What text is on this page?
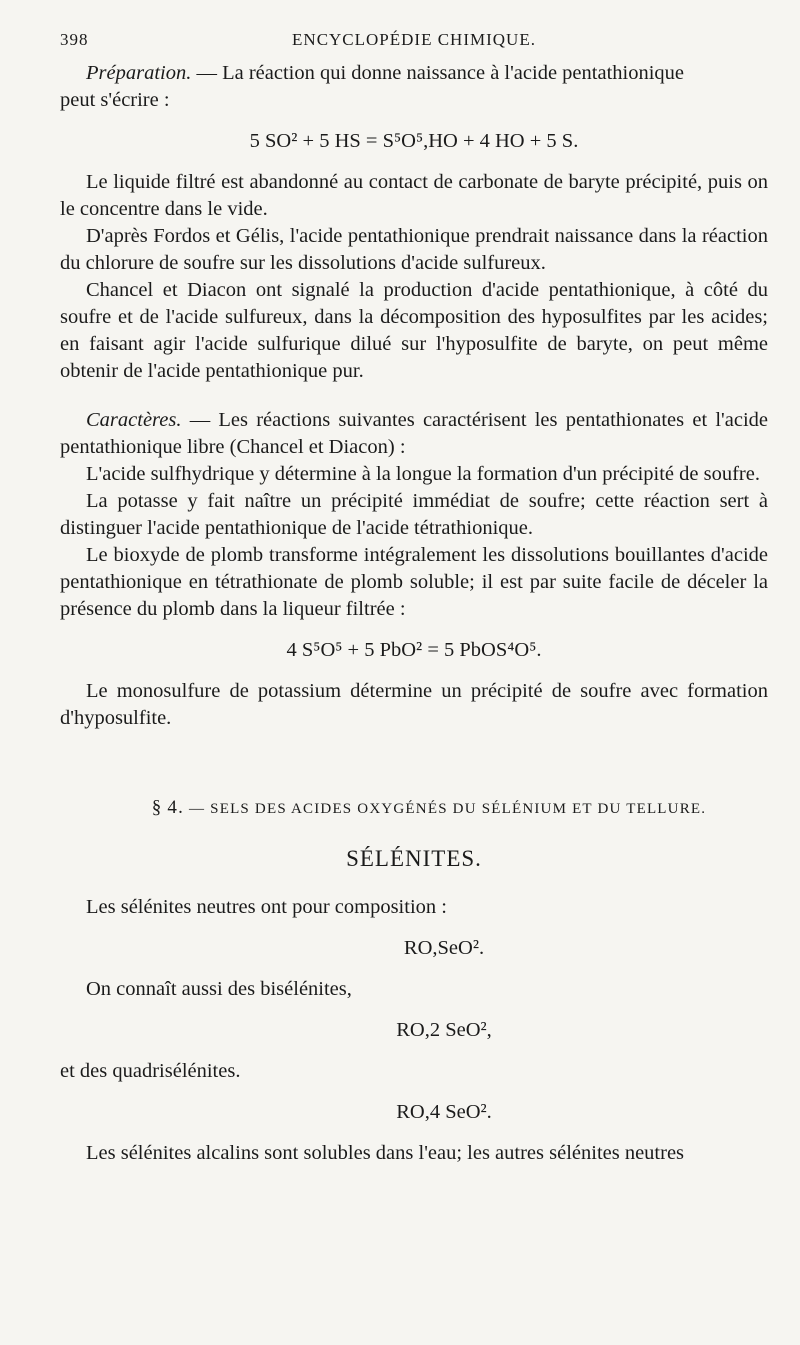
398	ENCYCLOPÉDIE CHIMIQUE.

Préparation. — La réaction qui donne naissance à l'acide pentathionique

peut s'écrire :

5 SO² + 5 HS = S⁵O⁵,HO + 4 HO + 5 S.

Le liquide filtré est abandonné au contact de carbonate de baryte précipité, puis on le concentre dans le vide.

D'après Fordos et Gélis, l'acide pentathionique prendrait naissance dans la réaction du chlorure de soufre sur les dissolutions d'acide sulfureux.

Chancel et Diacon ont signalé la production d'acide pentathionique, à côté du soufre et de l'acide sulfureux, dans la décomposition des hyposulfites par les acides; en faisant agir l'acide sulfurique dilué sur l'hyposulfite de baryte, on peut même obtenir de l'acide pentathionique pur.

Caractères. — Les réactions suivantes caractérisent les pentathionates et l'acide pentathionique libre (Chancel et Diacon) :

L'acide sulfhydrique y détermine à la longue la formation d'un précipité de soufre.

La potasse y fait naître un précipité immédiat de soufre; cette réaction sert à distinguer l'acide pentathionique de l'acide tétrathionique.

Le bioxyde de plomb transforme intégralement les dissolutions bouillantes d'acide pentathionique en tétrathionate de plomb soluble; il est par suite facile de déceler la présence du plomb dans la liqueur filtrée :

4 S⁵O⁵ + 5 PbO² = 5 PbOS⁴O⁵.

Le monosulfure de potassium détermine un précipité de soufre avec formation d'hyposulfite.

§ 4. — SELS DES ACIDES OXYGÉNÉS DU SÉLÉNIUM ET DU TELLURE.

SÉLÉNITES.

Les sélénites neutres ont pour composition :

RO,SeO².

On connaît aussi des bisélénites,

RO,2 SeO²,

et des quadrisélénites.

RO,4 SeO².

Les sélénites alcalins sont solubles dans l'eau; les autres sélénites neutres
